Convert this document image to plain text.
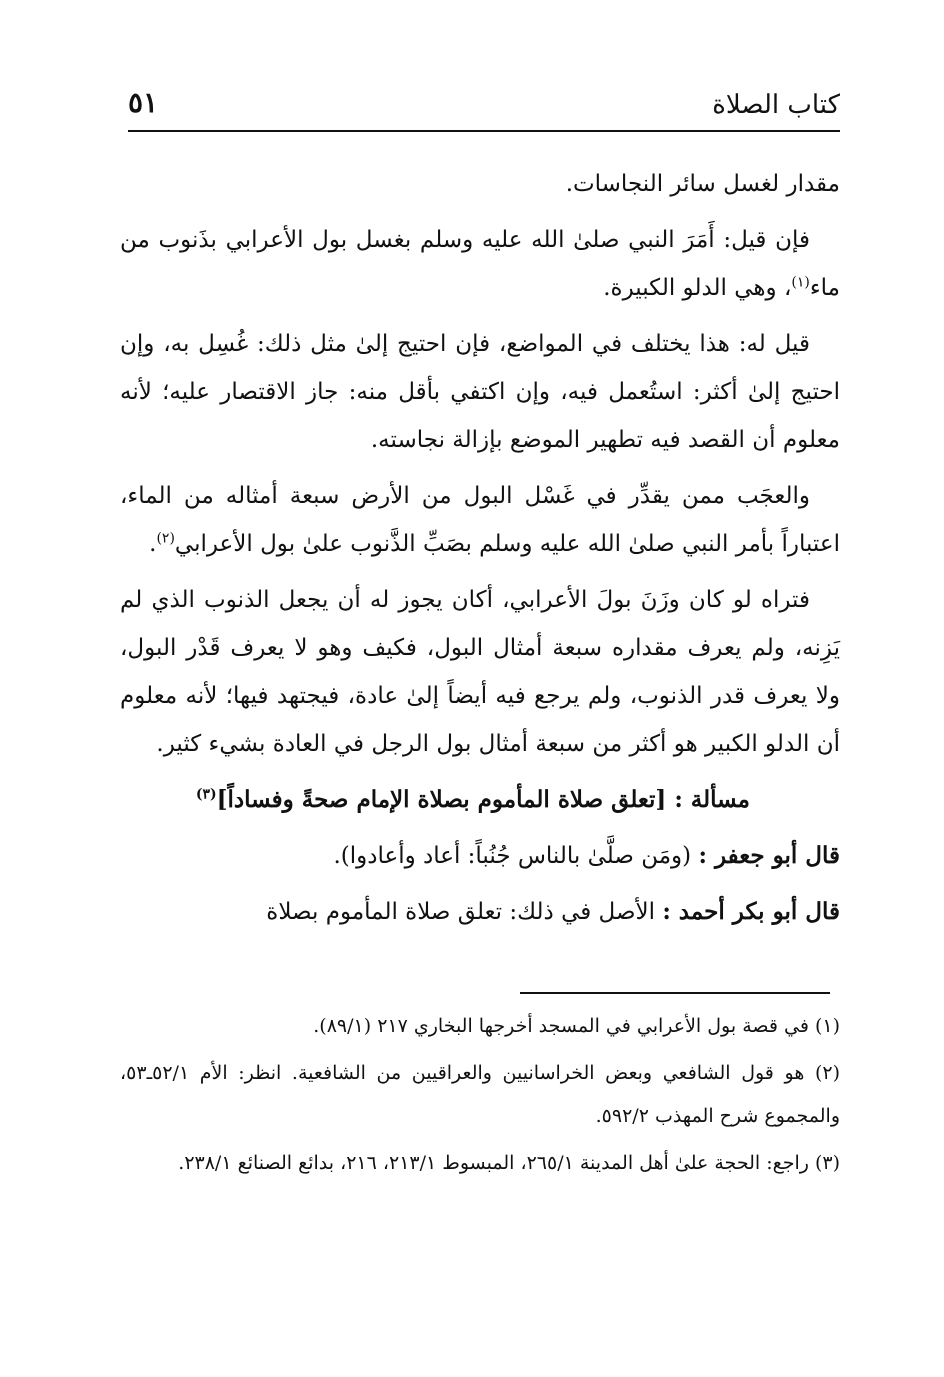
كتاب الصلاة
٥١

مقدار لغسل سائر النجاسات.

فإن قيل: أَمَرَ النبي صلىٰ الله عليه وسلم بغسل بول الأعرابي بذَنوب من ماء$^{(١)}$، وهي الدلو الكبيرة.

قيل له: هذا يختلف في المواضع، فإن احتيج إلىٰ مثل ذلك: غُسِل به، وإن احتيج إلىٰ أكثر: استُعمل فيه، وإن اكتفي بأقل منه: جاز الاقتصار عليه؛ لأنه معلوم أن القصد فيه تطهير الموضع بإزالة نجاسته.

والعجَب ممن يقدِّر في غَسْل البول من الأرض سبعة أمثاله من الماء، اعتباراً بأمر النبي صلىٰ الله عليه وسلم بصَبِّ الذَّنوب علىٰ بول الأعرابي$^{(٢)}$.

فتراه لو كان وزَنَ بولَ الأعرابي، أكان يجوز له أن يجعل الذنوب الذي لم يَزِنه، ولم يعرف مقداره سبعة أمثال البول، فكيف وهو لا يعرف قَدْر البول، ولا يعرف قدر الذنوب، ولم يرجع فيه أيضاً إلىٰ عادة، فيجتهد فيها؛ لأنه معلوم أن الدلو الكبير هو أكثر من سبعة أمثال بول الرجل في العادة بشيء كثير.

مسألة : [تعلق صلاة المأموم بصلاة الإمام صحةً وفساداً]$^{(٣)}$

قال أبو جعفر : (ومَن صلَّىٰ بالناس جُنُباً: أعاد وأعادوا).

قال أبو بكر أحمد : الأصل في ذلك: تعلق صلاة المأموم بصلاة

(١) في قصة بول الأعرابي في المسجد أخرجها البخاري ٢١٧ (٨٩/١).

(٢) هو قول الشافعي وبعض الخراسانيين والعراقيين من الشافعية. انظر: الأم ٥٢/١ـ٥٣، والمجموع شرح المهذب ٥٩٢/٢.

(٣) راجع: الحجة علىٰ أهل المدينة ٢٦٥/١، المبسوط ٢١٣/١، ٢١٦، بدائع الصنائع ٢٣٨/١.
